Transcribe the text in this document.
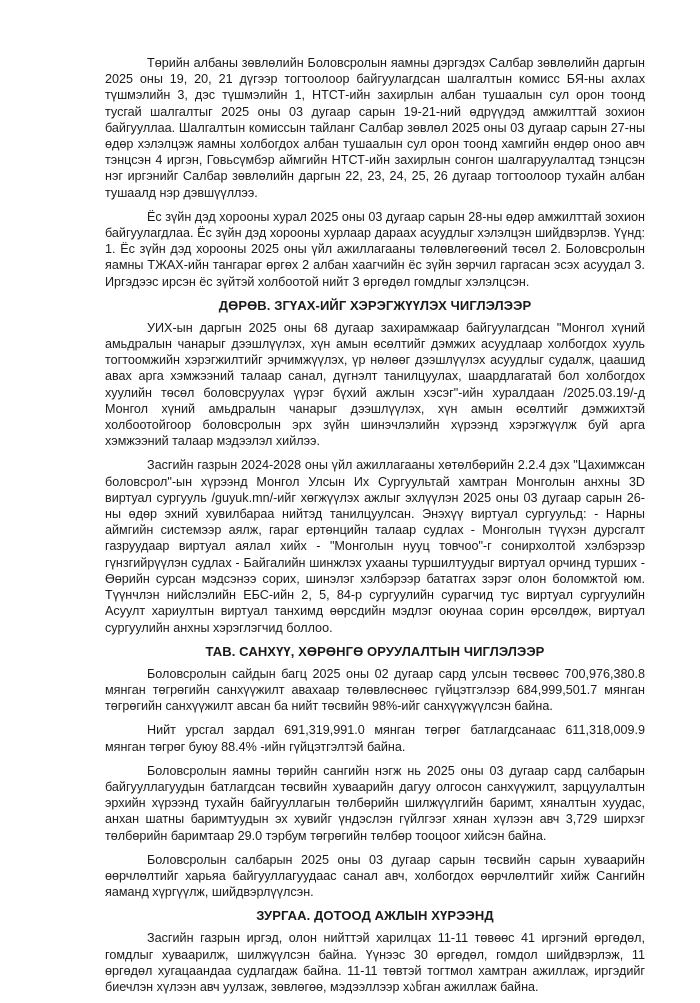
Төрийн албаны зөвлөлийн Боловсролын яамны дэргэдэх Салбар зөвлөлийн даргын 2025 оны 19, 20, 21 дүгээр тогтоолоор байгуулагдсан шалгалтын комисс БЯ-ны ахлах түшмэлийн 3, дэс түшмэлийн 1, НТСТ-ийн захирлын албан тушаалын сул орон тоонд тусгай шалгалтыг 2025 оны 03 дугаар сарын 19-21-ний өдрүүдэд амжилттай зохион байгууллаа. Шалгалтын комиссын тайланг Салбар зөвлөл 2025 оны 03 дугаар сарын 27-ны өдөр хэлэлцэж яамны холбогдох албан тушаалын сул орон тоонд хамгийн өндөр оноо авч тэнцсэн 4 иргэн, Говьсүмбэр аймгийн НТСТ-ийн захирлын сонгон шалгаруулалтад тэнцсэн нэг иргэнийг Салбар зөвлөлийн даргын 22, 23, 24, 25, 26 дугаар тогтоолоор тухайн албан тушаалд нэр дэвшүүллээ.

Ёс зүйн дэд хорооны хурал 2025 оны 03 дугаар сарын 28-ны өдөр амжилттай зохион байгуулагдлаа. Ёс зүйн дэд хорооны хурлаар дараах асуудлыг хэлэлцэн шийдвэрлэв. Үүнд: 1. Ёс зүйн дэд хорооны 2025 оны үйл ажиллагааны төлөвлөгөөний төсөл 2. Боловсролын яамны ТЖАХ-ийн тангараг өргөх 2 албан хаагчийн ёс зүйн зөрчил гаргасан эсэх асуудал 3. Иргэдээс ирсэн ёс зүйтэй холбоотой нийт 3 өргөдөл гомдлыг хэлэлцсэн.

ДӨРӨВ. ЗГҮАХ-ИЙГ ХЭРЭГЖҮҮЛЭХ ЧИГЛЭЛЭЭР

УИХ-ын даргын 2025 оны 68 дугаар захирамжаар байгуулагдсан "Монгол хүний амьдралын чанарыг дээшлүүлэх, хүн амын өсөлтийг дэмжих асуудлаар холбогдох хууль тогтоомжийн хэрэгжилтийг эрчимжүүлэх, үр нөлөөг дээшлүүлэх асуудлыг судалж, цаашид авах арга хэмжээний талаар санал, дүгнэлт танилцуулах, шаардлагатай бол холбогдох хуулийн төсөл боловсруулах үүрэг бүхий ажлын хэсэг"-ийн хуралдаан /2025.03.19/-д Монгол хүний амьдралын чанарыг дээшлүүлэх, хүн амын өсөлтийг дэмжихтэй холбоотойгоор боловсролын эрх зүйн шинэчлэлийн хүрээнд хэрэгжүүлж буй арга хэмжээний талаар мэдээлэл хийлээ.

Засгийн газрын 2024-2028 оны үйл ажиллагааны хөтөлбөрийн 2.2.4 дэх "Цахимжсан боловсрол"-ын хүрээнд Монгол Улсын Их Сургуультай хамтран Монголын анхны 3D виртуал сургууль /guyuk.mn/-ийг хөгжүүлэх ажлыг эхлүүлэн 2025 оны 03 дугаар сарын 26-ны өдөр эхний хувилбараа нийтэд танилцуулсан. Энэхүү виртуал сургуульд: - Нарны аймгийн системээр аялж, гараг ертөнцийн талаар судлах - Монголын түүхэн дурсгалт газруудаар виртуал аялал хийх - "Монголын нууц товчоо"-г сонирхолтой хэлбэрээр гүнзгийрүүлэн судлах - Байгалийн шинжлэх ухааны туршилтуудыг виртуал орчинд турших - Өөрийн сурсан мэдсэнээ сорих, шинэлэг хэлбэрээр бататгах зэрэг олон боломжтой юм. Түүнчлэн нийслэлийн ЕБС-ийн 2, 5, 84-р сургуулийн сурагчид тус виртуал сургуулийн Асуулт хариултын виртуал танхимд өөрсдийн мэдлэг оюунаа сорин өрсөлдөж, виртуал сургуулийн анхны хэрэглэгчид боллоо.

ТАВ. САНХҮҮ, ХӨРӨНГӨ ОРУУЛАЛТЫН ЧИГЛЭЛЭЭР

Боловсролын сайдын багц 2025 оны 02 дугаар сард улсын төсвөөс 700,976,380.8 мянган төгрөгийн санхүүжилт авахаар төлөвлөснөөс гүйцэтгэлээр 684,999,501.7 мянган төгрөгийн санхүүжилт авсан ба нийт төсвийн 98%-ийг санхүүжүүлсэн байна.

Нийт урсгал зардал 691,319,991.0 мянган төгрөг батлагдсанаас 611,318,009.9 мянган төгрөг буюу 88.4% -ийн гүйцэтгэлтэй байна.

Боловсролын яамны төрийн сангийн нэгж нь 2025 оны 03 дугаар сард салбарын байгууллагуудын батлагдсан төсвийн хуваарийн дагуу олгосон санхүүжилт, зарцуулалтын эрхийн хүрээнд тухайн байгууллагын төлбөрийн шилжүүлгийн баримт, хяналтын хуудас, анхан шатны баримтуудын эх хувийг үндэслэн гүйлгээг хянан хүлээн авч 3,729 ширхэг төлбөрийн баримтаар 29.0 тэрбум төгрөгийн төлбөр тооцоог хийсэн байна.

Боловсролын салбарын 2025 оны 03 дугаар сарын төсвийн сарын хуваарийн өөрчлөлтийг харьяа байгууллагуудаас санал авч, холбогдох өөрчлөлтийг хийж Сангийн яаманд хүргүүлж, шийдвэрлүүлсэн.

ЗУРГАА. ДОТООД АЖЛЫН ХҮРЭЭНД

Засгийн газрын иргэд, олон нийттэй харилцах 11-11 төвөөс 41 иргэний өргөдөл, гомдлыг хуваарилж, шилжүүлсэн байна. Үүнээс 30 өргөдөл, гомдол шийдвэрлэж, 11 өргөдөл хугацаандаа судлагдаж байна. 11-11 төвтэй тогтмол хамтран ажиллаж, иргэдийг биечлэн хүлээн авч уулзаж, зөвлөгөө, мэдээллээр хანган ажиллаж байна.
